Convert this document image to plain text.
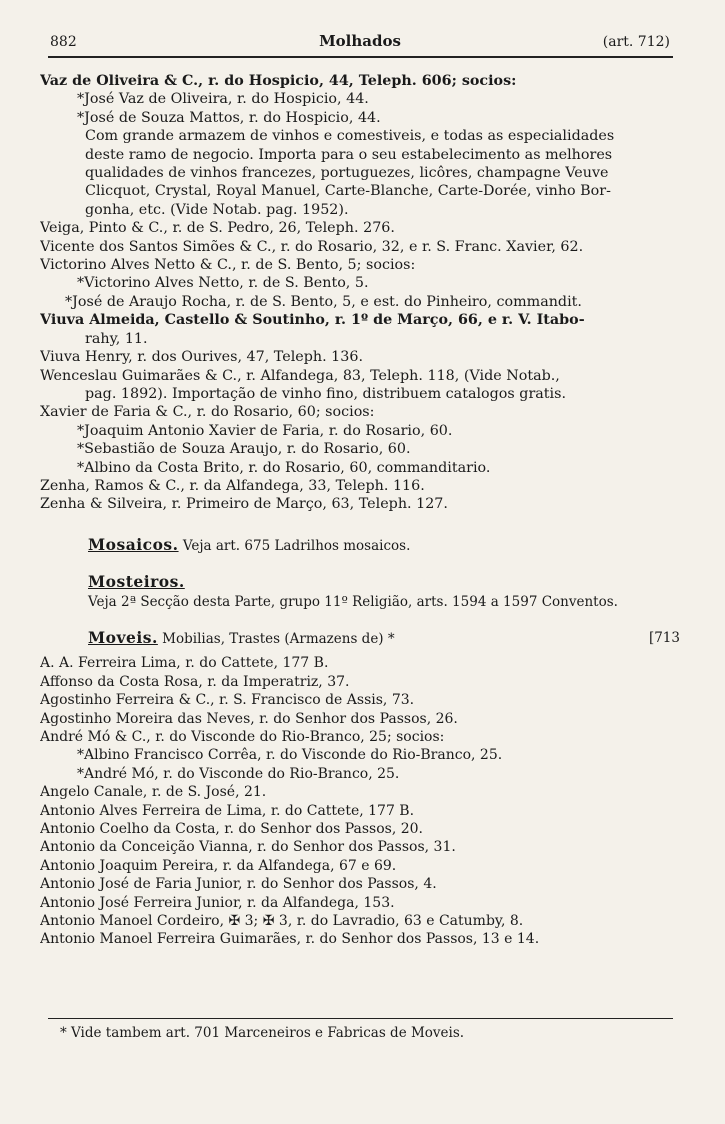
882	Molhados	(art. 712)
Vaz de Oliveira & C., r. do Hospicio, 44, Teleph. 606; socios:
*José Vaz de Oliveira, r. do Hospicio, 44.
*José de Souza Mattos, r. do Hospicio, 44.
Com grande armazem de vinhos e comestiveis, e todas as especialidades
deste ramo de negocio. Importa para o seu estabelecimento as melhores
qualidades de vinhos francezes, portuguezes, licôres, champagne Veuve
Clicquot, Crystal, Royal Manuel, Carte-Blanche, Carte-Dorée, vinho Bor-
gonha, etc. (Vide Notab. pag. 1952).
Veiga, Pinto & C., r. de S. Pedro, 26, Teleph. 276.
Vicente dos Santos Simões & C., r. do Rosario, 32, e r. S. Franc. Xavier, 62.
Victorino Alves Netto & C., r. de S. Bento, 5; socios:
*Victorino Alves Netto, r. de S. Bento, 5.
*José de Araujo Rocha, r. de S. Bento, 5, e est. do Pinheiro, commandit.
Viuva Almeida, Castello & Soutinho, r. 1º de Março, 66, e r. V. Itabo-
rahy, 11.
Viuva Henry, r. dos Ourives, 47, Teleph. 136.
Wenceslau Guimarães & C., r. Alfandega, 83, Teleph. 118, (Vide Notab.,
pag. 1892). Importação de vinho fino, distribuem catalogos gratis.
Xavier de Faria & C., r. do Rosario, 60; socios:
*Joaquim Antonio Xavier de Faria, r. do Rosario, 60.
*Sebastião de Souza Araujo, r. do Rosario, 60.
*Albino da Costa Brito, r. do Rosario, 60, commanditario.
Zenha, Ramos & C., r. da Alfandega, 33, Teleph. 116.
Zenha & Silveira, r. Primeiro de Março, 63, Teleph. 127.
Mosaicos. Veja art. 675 Ladrilhos mosaicos.
Mosteiros.
Veja 2ª Secção desta Parte, grupo 11º Religião, arts. 1594 a 1597 Conventos.
Moveis. Mobilias, Trastes (Armazens de) *	[713
A. A. Ferreira Lima, r. do Cattete, 177 B.
Affonso da Costa Rosa, r. da Imperatriz, 37.
Agostinho Ferreira & C., r. S. Francisco de Assis, 73.
Agostinho Moreira das Neves, r. do Senhor dos Passos, 26.
André Mó & C., r. do Visconde do Rio-Branco, 25; socios:
*Albino Francisco Corrêa, r. do Visconde do Rio-Branco, 25.
*André Mó, r. do Visconde do Rio-Branco, 25.
Angelo Canale, r. de S. José, 21.
Antonio Alves Ferreira de Lima, r. do Cattete, 177 B.
Antonio Coelho da Costa, r. do Senhor dos Passos, 20.
Antonio da Conceição Vianna, r. do Senhor dos Passos, 31.
Antonio Joaquim Pereira, r. da Alfandega, 67 e 69.
Antonio José de Faria Junior, r. do Senhor dos Passos, 4.
Antonio José Ferreira Junior, r. da Alfandega, 153.
Antonio Manoel Cordeiro, ✠ 3; ✠ 3, r. do Lavradio, 63 e Catumby, 8.
Antonio Manoel Ferreira Guimarães, r. do Senhor dos Passos, 13 e 14.
* Vide tambem art. 701 Marceneiros e Fabricas de Moveis.
